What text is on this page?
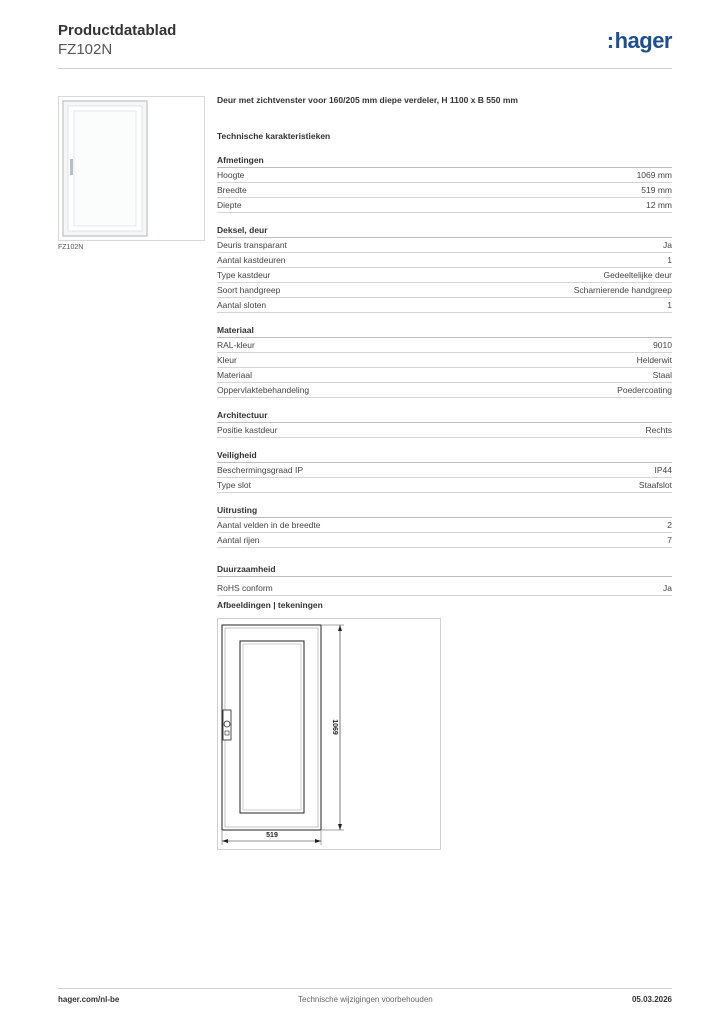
Productdatablad
FZ102N	:hager
FZ102N
Deur met zichtvenster voor 160/205 mm diepe verdeler, H 1100 x B 550 mm
Technische karakteristieken
Afmetingen
Hoogte	1069 mm
Breedte	519 mm
Diepte	12 mm
Deksel, deur
Deuris transparant	Ja
Aantal kastdeuren	1
Type kastdeur	Gedeeltelijke deur
Soort handgreep	Scharnierende handgreep
Aantal sloten	1
Materiaal
RAL-kleur	9010
Kleur	Helderwit
Materiaal	Staal
Oppervlaktebehandeling	Poedercoating
Architectuur
Positie kastdeur	Rechts
Veiligheid
Beschermingsgraad IP	IP44
Type slot	Staafslot
Uitrusting
Aantal velden in de breedte	2
Aantal rijen	7
Duurzaamheid
RoHS conform	Ja
Afbeeldingen | tekeningen
1069
519
hager.com/nl-be	Technische wijzigingen voorbehouden	05.03.2026
